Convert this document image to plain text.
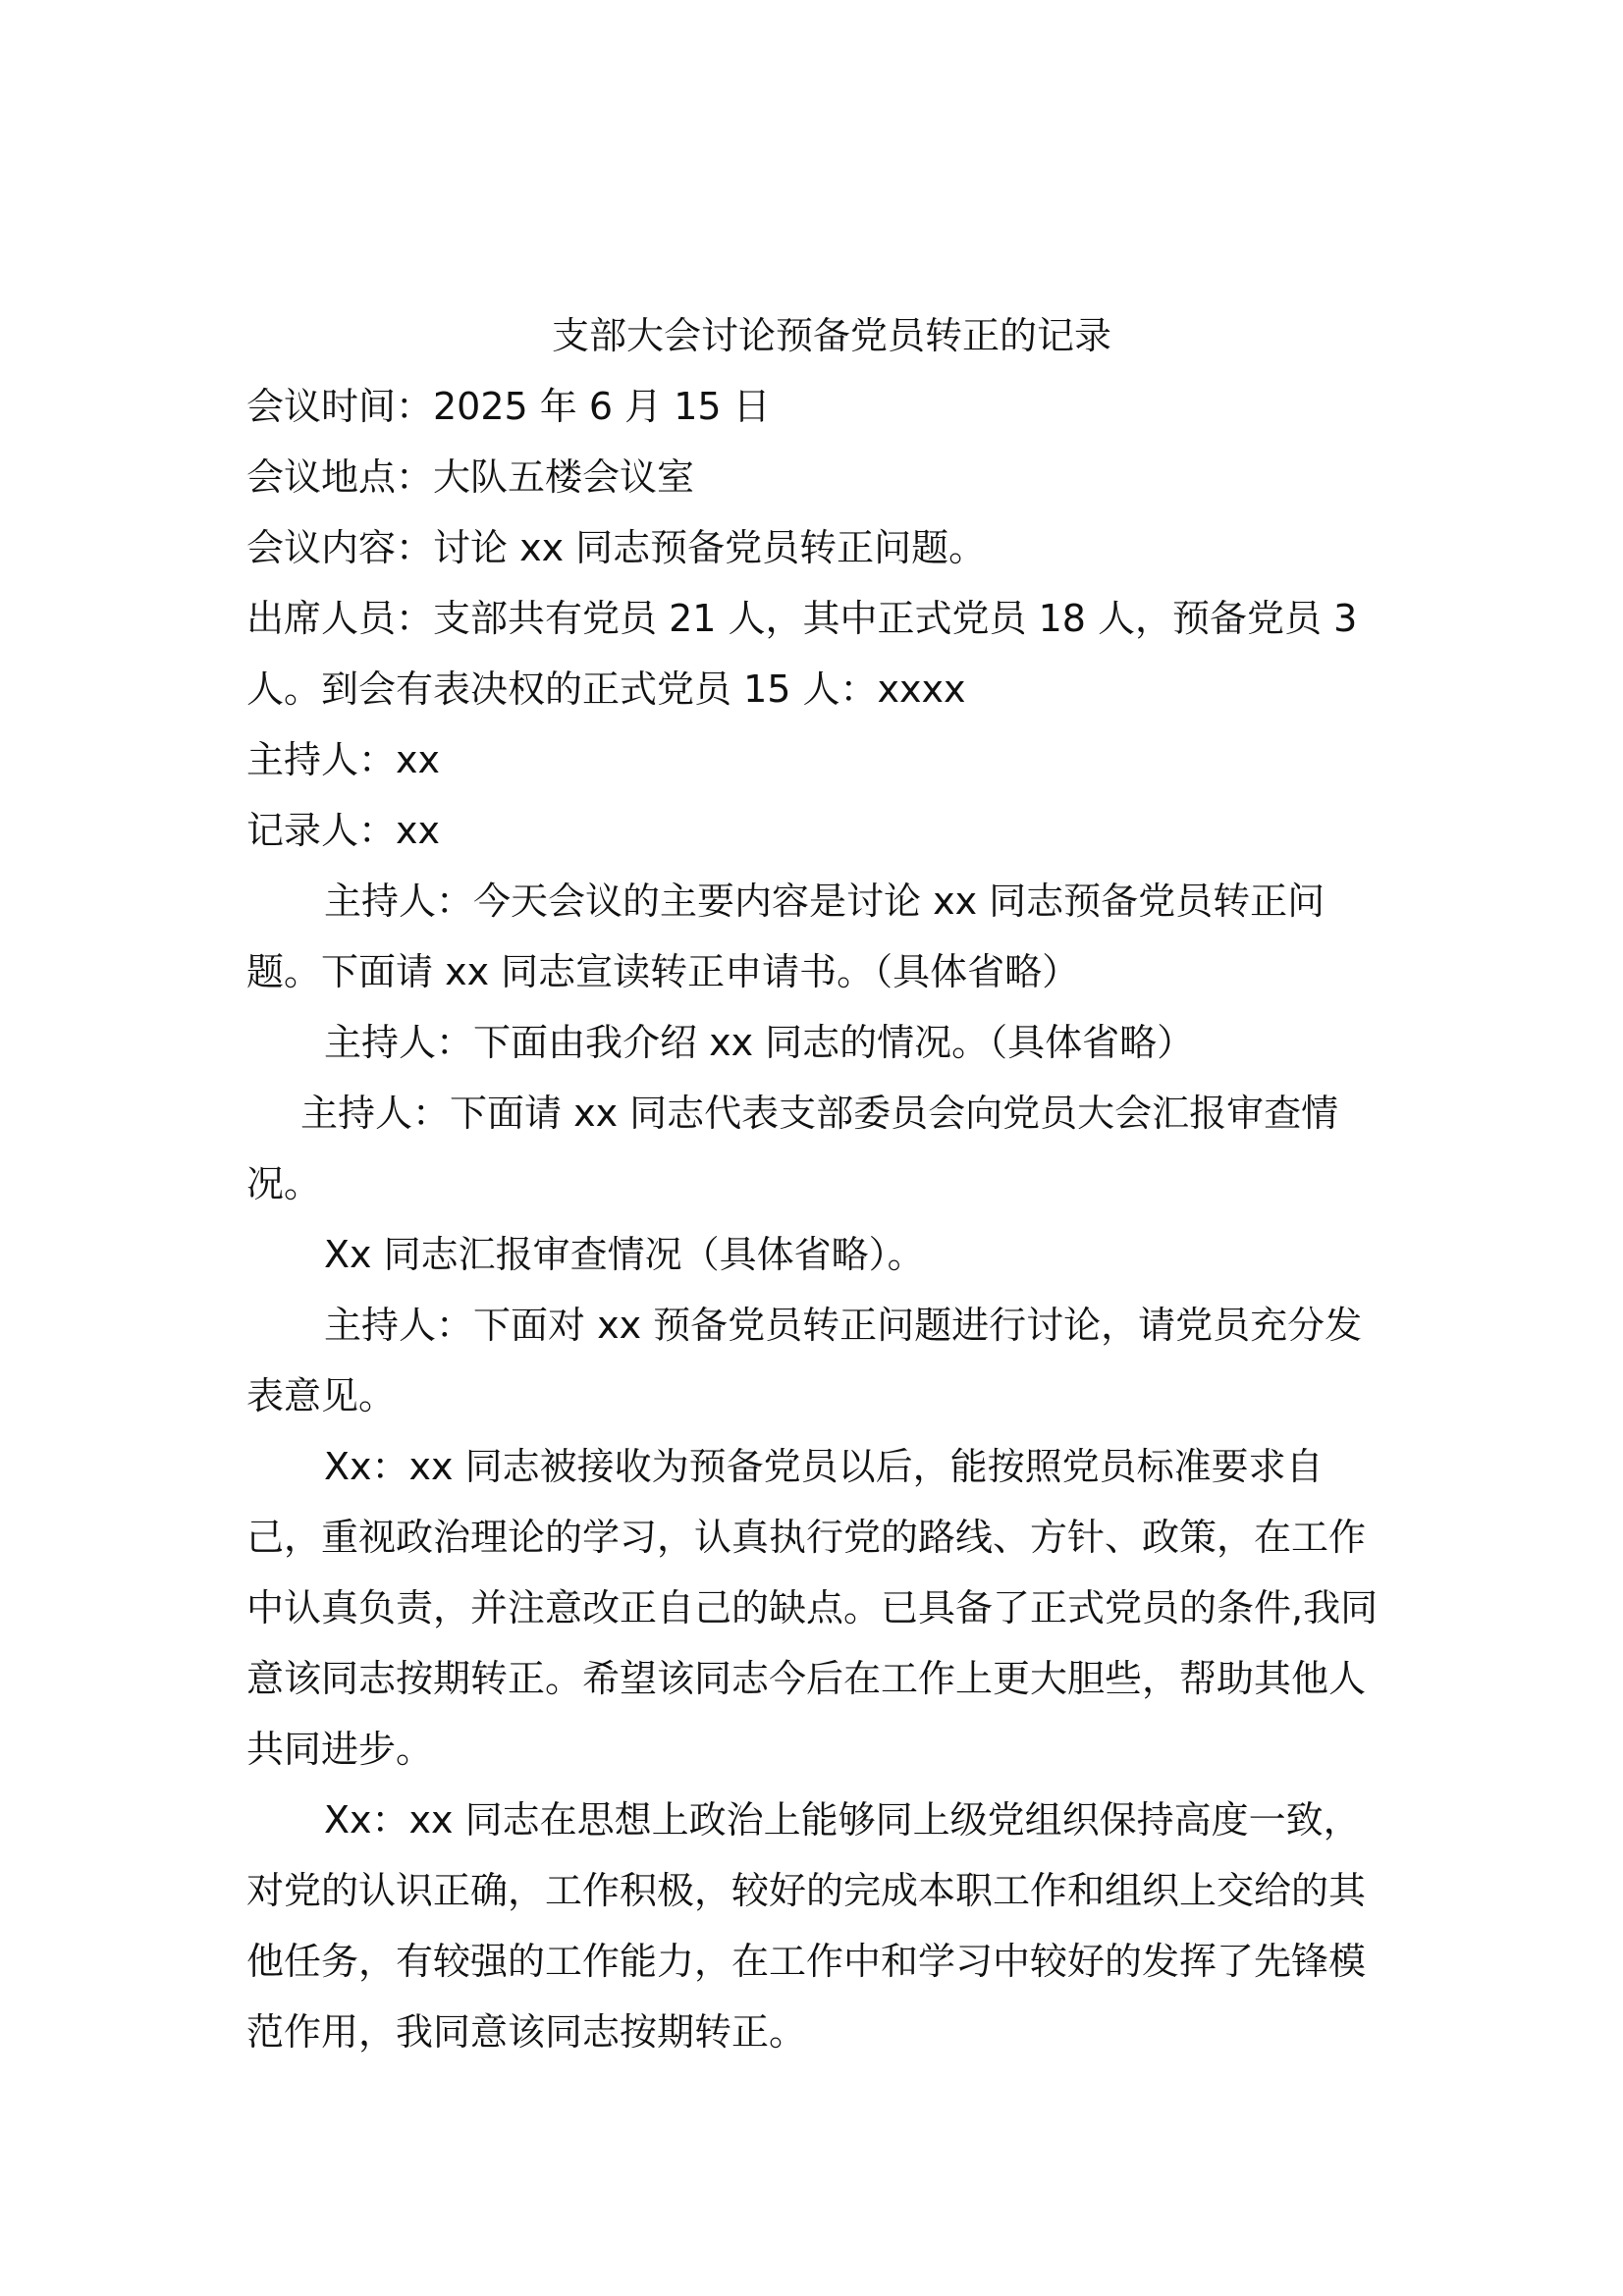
支部大会讨论预备党员转正的记录

会议时间：2025 年 6 月 15 日

会议地点：大队五楼会议室

会议内容：讨论 xx 同志预备党员转正问题。

出席人员：支部共有党员 21 人，其中正式党员 18 人，预备党员 3 人。到会有表决权的正式党员 15 人：xxxx

主持人：xx

记录人：xx

主持人：今天会议的主要内容是讨论 xx 同志预备党员转正问题。下面请 xx 同志宣读转正申请书。（具体省略）

主持人：下面由我介绍 xx 同志的情况。（具体省略）

主持人：下面请 xx 同志代表支部委员会向党员大会汇报审查情况。

Xx 同志汇报审查情况（具体省略）。

主持人：下面对 xx 预备党员转正问题进行讨论，请党员充分发表意见。

Xx：xx 同志被接收为预备党员以后，能按照党员标准要求自己，重视政治理论的学习，认真执行党的路线、方针、政策，在工作中认真负责，并注意改正自己的缺点。已具备了正式党员的条件,我同意该同志按期转正。希望该同志今后在工作上更大胆些，帮助其他人共同进步。

Xx：xx 同志在思想上政治上能够同上级党组织保持高度一致，对党的认识正确，工作积极，较好的完成本职工作和组织上交给的其他任务，有较强的工作能力，在工作中和学习中较好的发挥了先锋模范作用，我同意该同志按期转正。
